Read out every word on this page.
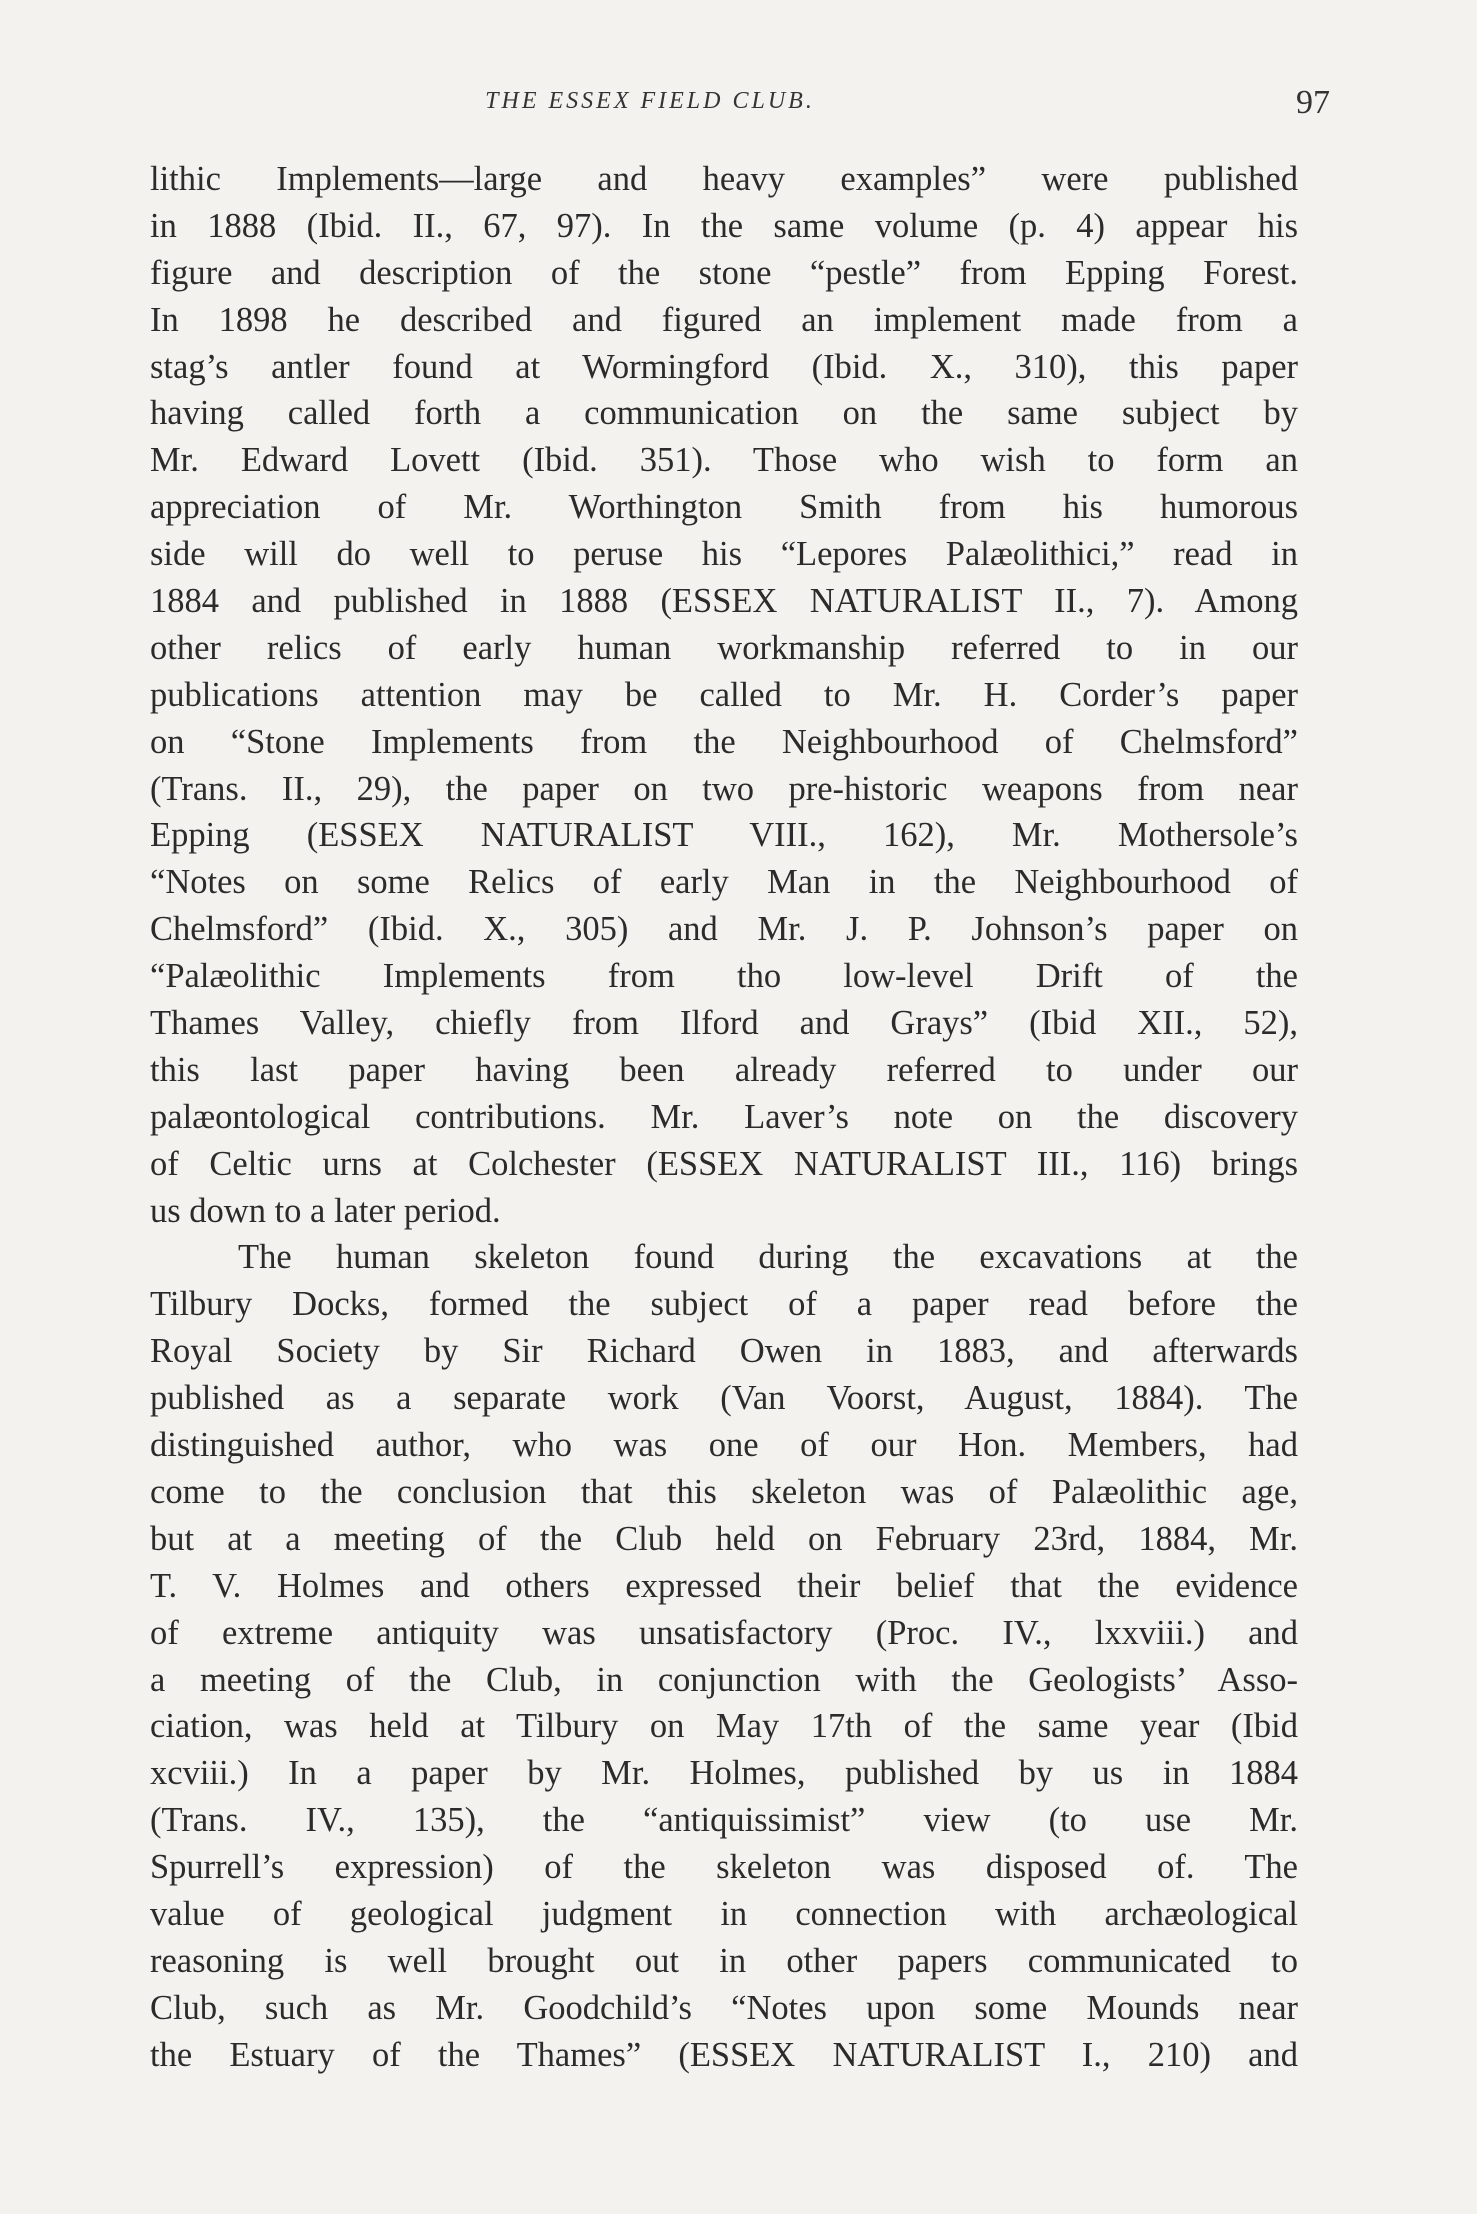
THE ESSEX FIELD CLUB.	97
lithic Implements—large and heavy examples” were published
in 1888 (Ibid. II., 67, 97). In the same volume (p. 4) appear his
figure and description of the stone “pestle” from Epping Forest.
In 1898 he described and figured an implement made from a
stag’s antler found at Wormingford (Ibid. X., 310), this paper
having called forth a communication on the same subject by
Mr. Edward Lovett (Ibid. 351). Those who wish to form an
appreciation of Mr. Worthington Smith from his humorous
side will do well to peruse his “Lepores Palæolithici,” read in
1884 and published in 1888 (ESSEX NATURALIST II., 7). Among
other relics of early human workmanship referred to in our
publications attention may be called to Mr. H. Corder’s paper
on “Stone Implements from the Neighbourhood of Chelmsford”
(Trans. II., 29), the paper on two pre-historic weapons from near
Epping (ESSEX NATURALIST VIII., 162), Mr. Mothersole’s
“Notes on some Relics of early Man in the Neighbourhood of
Chelmsford” (Ibid. X., 305) and Mr. J. P. Johnson’s paper on
“Palæolithic Implements from tho low-level Drift of the
Thames Valley, chiefly from Ilford and Grays” (Ibid XII., 52),
this last paper having been already referred to under our
palæontological contributions. Mr. Laver’s note on the discovery
of Celtic urns at Colchester (ESSEX NATURALIST III., 116) brings
us down to a later period.
The human skeleton found during the excavations at the
Tilbury Docks, formed the subject of a paper read before the
Royal Society by Sir Richard Owen in 1883, and afterwards
published as a separate work (Van Voorst, August, 1884). The
distinguished author, who was one of our Hon. Members, had
come to the conclusion that this skeleton was of Palæolithic age,
but at a meeting of the Club held on February 23rd, 1884, Mr.
T. V. Holmes and others expressed their belief that the evidence
of extreme antiquity was unsatisfactory (Proc. IV., lxxviii.) and
a meeting of the Club, in conjunction with the Geologists’ Asso-
ciation, was held at Tilbury on May 17th of the same year (Ibid
xcviii.) In a paper by Mr. Holmes, published by us in 1884
(Trans. IV., 135), the “antiquissimist” view (to use Mr.
Spurrell’s expression) of the skeleton was disposed of. The
value of geological judgment in connection with archæological
reasoning is well brought out in other papers communicated to
Club, such as Mr. Goodchild’s “Notes upon some Mounds near
the Estuary of the Thames” (ESSEX NATURALIST I., 210) and
